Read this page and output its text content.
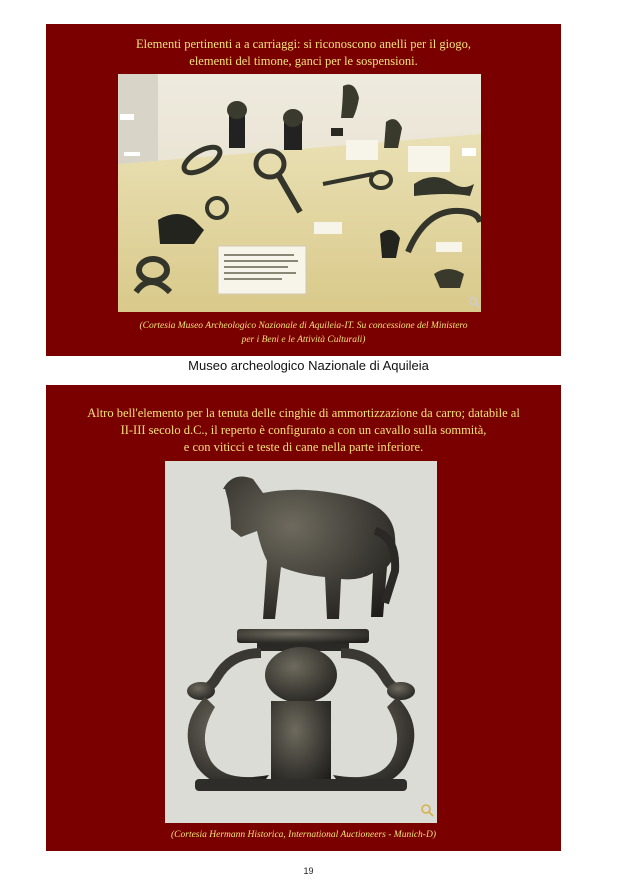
Elementi pertinenti a a carriaggi: si riconoscono anelli per il giogo,
elementi del timone, ganci per le sospensioni.
(Cortesia Museo Archeologico Nazionale di Aquileia-IT. Su concessione del Ministero
per i Beni e le Attività Culturali)
Museo archeologico Nazionale di Aquileia
Altro bell'elemento per la tenuta delle cinghie di ammortizzazione da carro; databile al
II-III secolo d.C., il reperto è configurato a con un cavallo sulla sommità,
e con viticci e teste di cane nella parte inferiore.
(Cortesia Hermann Historica, International Auctioneers - Munich-D)
19
